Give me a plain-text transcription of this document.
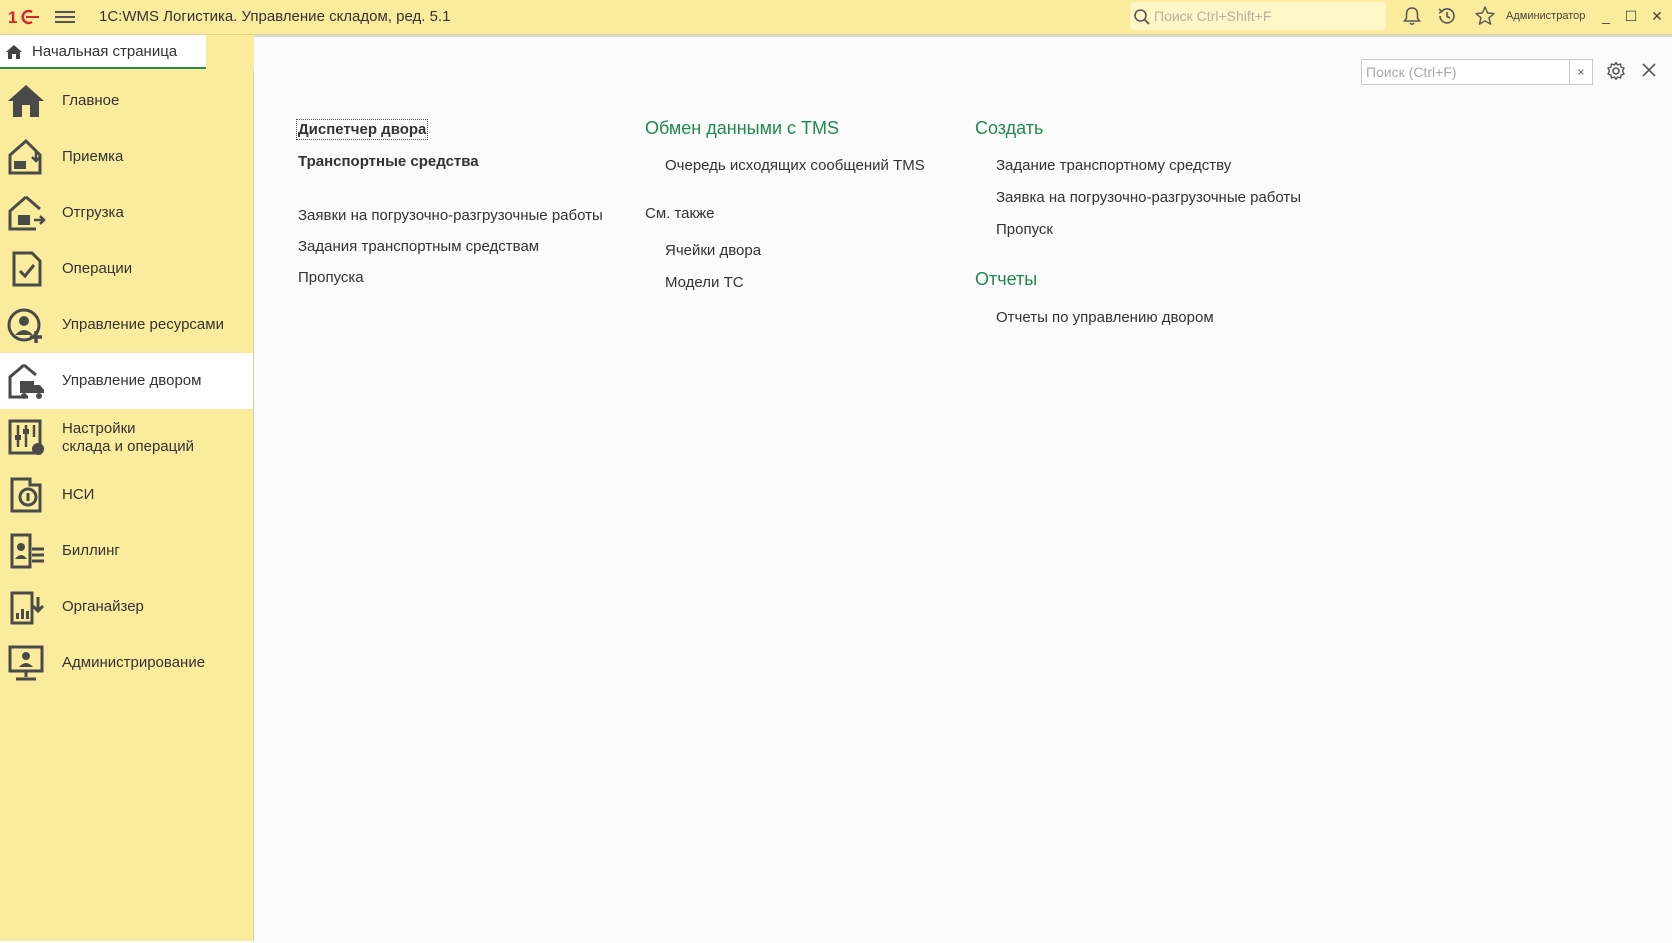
1	1С:WMS Логистика. Управление складом, ред. 5.1
Поиск Ctrl+Shift+F	Администратор	_	☐ ✕
Начальная страница
Главное
Приемка
Отгрузка
Операции
Управление ресурсами
Управление двором
Настройки
склада и операций
НСИ
Биллинг
Органайзер
Администрирование
Поиск (Ctrl+F)
×
Диспетчер двора
Транспортные средства
Заявки на погрузочно-разгрузочные работы
Задания транспортным средствам
Пропуска
Обмен данными с TMS
Очередь исходящих сообщений TMS
См. также
Ячейки двора
Модели ТС
Создать
Задание транспортному средству
Заявка на погрузочно-разгрузочные работы
Пропуск
Отчеты
Отчеты по управлению двором
